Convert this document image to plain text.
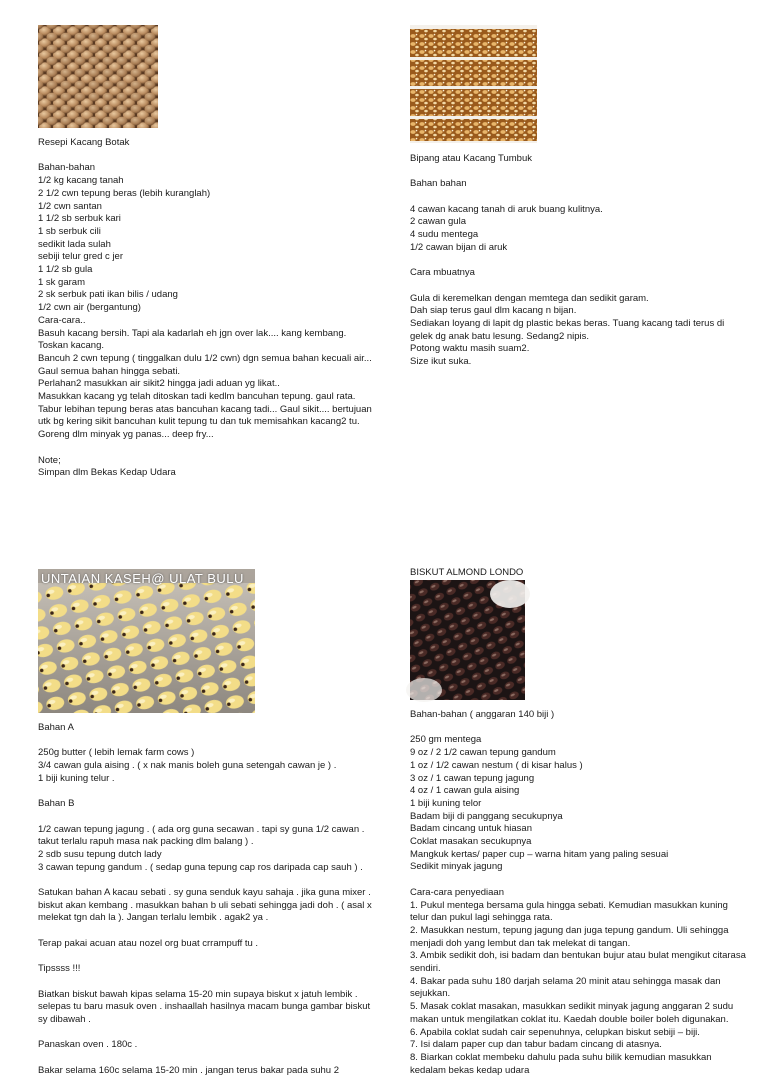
Resepi Kacang Botak
Bahan-bahan
1/2 kg kacang tanah
2 1/2 cwn tepung beras (lebih kuranglah)
1/2 cwn santan
1 1/2 sb serbuk kari
1 sb serbuk cili
sedikit lada sulah
sebiji telur gred c jer
1 1/2 sb gula
1 sk garam
2 sk serbuk pati ikan bilis / udang
1/2 cwn air (bergantung)
Cara-cara..
Basuh kacang bersih. Tapi ala kadarlah eh jgn over lak.... kang kembang.
Toskan kacang.
Bancuh 2 cwn tepung ( tinggalkan dulu 1/2 cwn) dgn semua bahan kecuali air...
Gaul semua bahan hingga sebati.
Perlahan2 masukkan air sikit2 hingga jadi aduan yg likat..
Masukkan kacang yg telah ditoskan tadi kedlm bancuhan tepung. gaul rata.
Tabur lebihan tepung beras atas bancuhan kacang tadi... Gaul sikit.... bertujuan
utk bg kering sikit bancuhan kulit tepung tu dan tuk memisahkan kacang2 tu.
Goreng dlm minyak yg panas... deep fry...
Note;
Simpan dlm Bekas Kedap Udara
Bipang atau Kacang Tumbuk
Bahan bahan
4 cawan kacang tanah di aruk buang kulitnya.
2 cawan gula
4 sudu mentega
1/2 cawan bijan di aruk
Cara mbuatnya
Gula di keremelkan dengan memtega dan sedikit garam.
Dah siap terus gaul dlm kacang n bijan.
Sediakan loyang di lapit dg plastic bekas beras. Tuang kacang tadi terus di
gelek dg anak batu lesung. Sedang2 nipis.
Potong waktu masih suam2.
Size ikut suka.
UNTAIAN KASEH@ ULAT BULU
Bahan A
250g butter ( lebih lemak farm cows )
3/4 cawan gula aising . ( x nak manis boleh guna setengah cawan je ) .
1 biji kuning telur .
Bahan B
1/2 cawan tepung jagung . ( ada org guna secawan . tapi sy guna 1/2 cawan .
takut terlalu rapuh masa nak packing dlm balang ) .
2 sdb susu tepung dutch lady
3 cawan tepung gandum . ( sedap guna tepung cap ros daripada cap sauh ) .
Satukan bahan A kacau sebati . sy guna senduk kayu sahaja . jika guna mixer .
biskut akan kembang . masukkan bahan b uli sebati sehingga jadi doh . ( asal x
melekat tgn dah la ). Jangan terlalu lembik . agak2 ya .
Terap pakai acuan atau nozel org buat crrampuff tu .
Tipssss !!!
Biatkan biskut bawah kipas selama 15-20 min supaya biskut x jatuh lembik .
selepas tu baru masuk oven . inshaallah hasilnya macam bunga gambar biskut
sy dibawah .
Panaskan oven . 180c .
Bakar selama 160c selama 15-20 min . jangan terus bakar pada suhu 2
BISKUT ALMOND LONDO
Bahan-bahan ( anggaran 140 biji )
250 gm mentega
9 oz / 2 1/2 cawan tepung gandum
1 oz / 1/2 cawan nestum ( di kisar halus )
3 oz / 1 cawan tepung jagung
4 oz / 1 cawan gula aising
1 biji kuning telor
Badam biji di panggang secukupnya
Badam cincang untuk hiasan
Coklat masakan secukupnya
Mangkuk kertas/ paper cup – warna hitam yang paling sesuai
Sedikit minyak jagung
Cara-cara penyediaan
1. Pukul mentega bersama gula hingga sebati. Kemudian masukkan kuning
telur dan pukul lagi sehingga rata.
2. Masukkan nestum, tepung jagung dan juga tepung gandum. Uli sehingga
menjadi doh yang lembut dan tak melekat di tangan.
3. Ambik sedikit doh, isi badam dan bentukan bujur atau bulat mengikut citarasa
sendiri.
4. Bakar pada suhu 180 darjah selama 20 minit atau sehingga masak dan
sejukkan.
5. Masak coklat masakan, masukkan sedikit minyak jagung anggaran 2 sudu
makan untuk mengilatkan coklat itu. Kaedah double boiler boleh digunakan.
6. Apabila coklat sudah cair sepenuhnya, celupkan biskut sebiji – biji.
7. Isi dalam paper cup dan tabur badam cincang di atasnya.
8. Biarkan coklat membeku dahulu pada suhu bilik kemudian masukkan
kedalam bekas kedap udara
